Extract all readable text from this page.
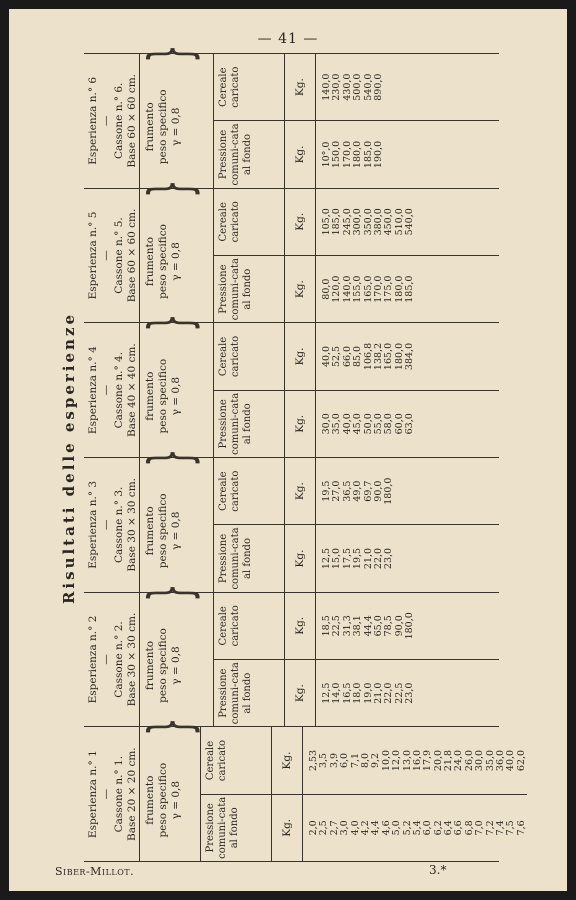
— 41 —
Risultati delle esperienze
Esperienza n.° 1 — Cassone n.° 1. Base 20 × 20 cm. frumento peso specifico γ = 0,8
}
Pressione comuni-cata al fondo	Kg.	2,0 2,5 2,7 3,0 4,0 4,2 4,4 4,6 5,0 5,2 5,4 6,0 6,2 6,4 6,6 6,8 7,0 7,2 7,4 7,5 7,6
Cereale caricato	Kg.	2,53 3,5 3,9 6,0 7,1 8,0 9,2 10,0 12,0 13,0 16,0 17,9 20,0 21,8 24,0 26,0 30,0 35,0 36,0 40,0 62,0
Esperienza n.° 2 — Cassone n.° 2. Base 30 × 30 cm. frumento peso specifico γ = 0,8
}
Pressione comuni-cata al fondo	Kg.	12,5 14,0 16,5 18,0 19,0 21,0 22,0 22,5 23,0
Cereale caricato	Kg.	18,5 22,5 31,3 38,1 44,4 65,0 78,5 90,0 180,0
Esperienza n.° 3 — Cassone n.° 3. Base 30 × 30 cm. frumento peso specifico γ = 0,8
}
Pressione comuni-cata al fondo	Kg.	12,5 15,0 17,5 19,5 21,0 22,0 23,0
Cereale caricato	Kg.	19,5 27,0 36,5 49,0 69,7 90,0 180,0
Esperienza n.° 4 — Cassone n.° 4. Base 40 × 40 cm. frumento peso specifico γ = 0,8
}
Pressione comuni-cata al fondo	Kg.	30,0 35,0 40,0 45,0 50,0 55,0 58,0 60,0 63,0
Cereale caricato	Kg.	40,0 52,5 66,0 85,0 106,8 138,2 165,0 180,0 384,0
Esperienza n.° 5 — Cassone n.° 5. Base 60 × 60 cm. frumento peso specifico γ = 0,8
}
Pressione comuni-cata al fondo	Kg.	80,0 120,0 140,0 155,0 165,0 170,0 175,0 180,0 185,0
Cereale caricato	Kg.	105,0 185,0 245,0 300,0 350,0 380,0 450,0 510,0 540,0
Esperienza n.° 6 — Cassone n.° 6. Base 60 × 60 cm. frumento peso specifico γ = 0,8
}
Pressione comuni-cata al fondo	Kg.	10°,0 150,0 170,0 180,0 185,0 190,0
Cereale caricato	Kg.	140,0 230,0 430,0 500,0 540,0 890,0
Siber-Millot.	3.*
